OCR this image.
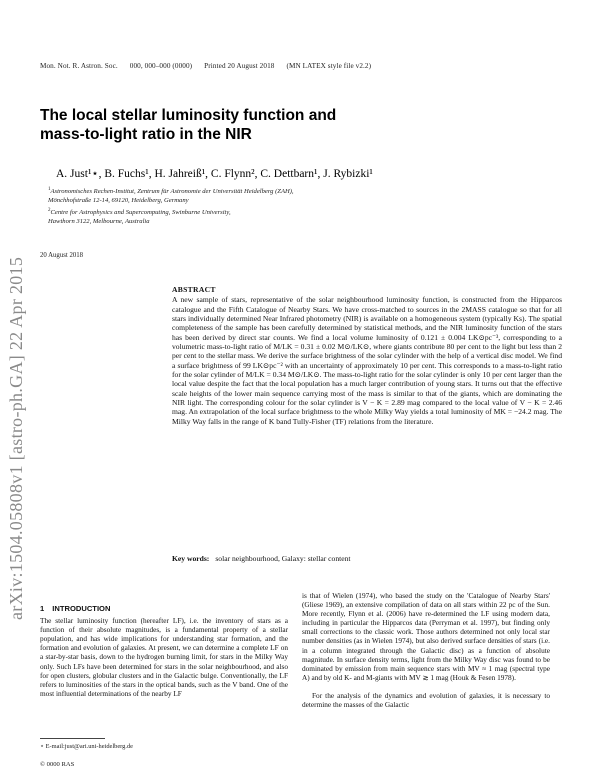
Mon. Not. R. Astron. Soc. 000, 000–000 (0000) Printed 20 August 2018 (MN LATEX style file v2.2)
arXiv:1504.05808v1 [astro-ph.GA] 22 Apr 2015
The local stellar luminosity function and mass-to-light ratio in the NIR
A. Just¹⋆, B. Fuchs¹, H. Jahreiß¹, C. Flynn², C. Dettbarn¹, J. Rybizki¹
$^1$Astronomisches Rechen-Institut, Zentrum für Astronomie der Universität Heidelberg (ZAH),
Mönchhofstraße 12-14, 69120, Heidelberg, Germany
$^2$Centre for Astrophysics and Supercomputing, Swinburne University,
Hawthorn 3122, Melbourne, Australia
20 August 2018
ABSTRACT
A new sample of stars, representative of the solar neighbourhood luminosity function, is constructed from the Hipparcos catalogue and the Fifth Catalogue of Nearby Stars. We have cross-matched to sources in the 2MASS catalogue so that for all stars individually determined Near Infrared photometry (NIR) is available on a homogeneous system (typically Ks). The spatial completeness of the sample has been carefully determined by statistical methods, and the NIR luminosity function of the stars has been derived by direct star counts. We find a local volume luminosity of 0.121 ± 0.004 LK⊙pc⁻³, corresponding to a volumetric mass-to-light ratio of M/LK = 0.31 ± 0.02 M⊙/LK⊙, where giants contribute 80 per cent to the light but less than 2 per cent to the stellar mass. We derive the surface brightness of the solar cylinder with the help of a vertical disc model. We find a surface brightness of 99 LK⊙pc⁻² with an uncertainty of approximately 10 per cent. This corresponds to a mass-to-light ratio for the solar cylinder of M/LK = 0.34 M⊙/LK⊙. The mass-to-light ratio for the solar cylinder is only 10 per cent larger than the local value despite the fact that the local population has a much larger contribution of young stars. It turns out that the effective scale heights of the lower main sequence carrying most of the mass is similar to that of the giants, which are dominating the NIR light. The corresponding colour for the solar cylinder is V − K = 2.89 mag compared to the local value of V − K = 2.46 mag. An extrapolation of the local surface brightness to the whole Milky Way yields a total luminosity of MK = −24.2 mag. The Milky Way falls in the range of K band Tully-Fisher (TF) relations from the literature.
Key words: solar neighbourhood, Galaxy: stellar content
1 INTRODUCTION
The stellar luminosity function (hereafter LF), i.e. the inventory of stars as a function of their absolute magnitudes, is a fundamental property of a stellar population, and has wide implications for understanding star formation, and the formation and evolution of galaxies. At present, we can determine a complete LF on a star-by-star basis, down to the hydrogen burning limit, for stars in the Milky Way only. Such LFs have been determined for stars in the solar neighbourhood, and also for open clusters, globular clusters and in the Galactic bulge. Conventionally, the LF refers to luminosities of the stars in the optical bands, such as the V band. One of the most influential determinations of the nearby LF
is that of Wielen (1974), who based the study on the 'Catalogue of Nearby Stars' (Gliese 1969), an extensive compilation of data on all stars within 22 pc of the Sun. More recently, Flynn et al. (2006) have re-determined the LF using modern data, including in particular the Hipparcos data (Perryman et al. 1997), but finding only small corrections to the classic work. Those authors determined not only local star number densities (as in Wielen 1974), but also derived surface densities of stars (i.e. in a column integrated through the Galactic disc) as a function of absolute magnitude. In surface density terms, light from the Milky Way disc was found to be dominated by emission from main sequence stars with MV ≈ 1 mag (spectral type A) and by old K- and M-giants with MV ≳ 1 mag (Houk & Fesen 1978).
For the analysis of the dynamics and evolution of galaxies, it is necessary to determine the masses of the Galactic
⋆ E-mail:just@ari.uni-heidelberg.de
© 0000 RAS
